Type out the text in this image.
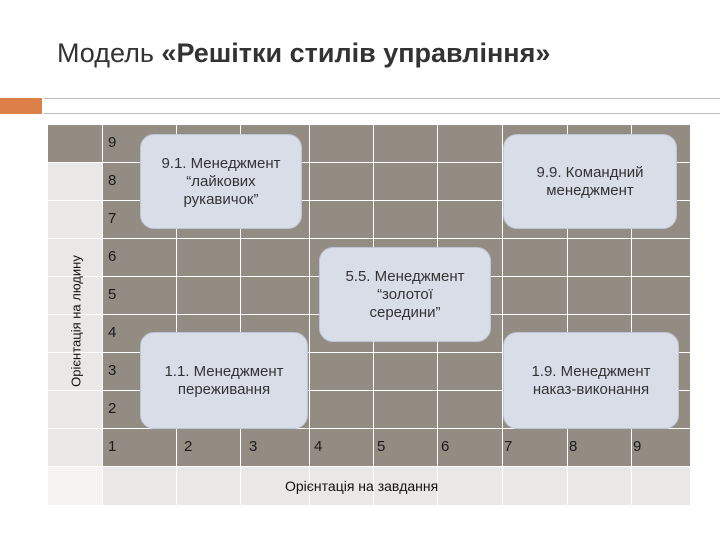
Модель «Решітки стилів управління»
9
8
7
6
5
4
3
2
1	2	3	4	5	6	7	8	9
Орієнтація на людину
Орієнтація на завдання
9.1. Менеджмент
“лайкових
рукавичок”
9.9. Командний
менеджмент
5.5. Менеджмент
“золотої
середини”
1.1. Менеджмент
переживання
1.9. Менеджмент
наказ-виконання
